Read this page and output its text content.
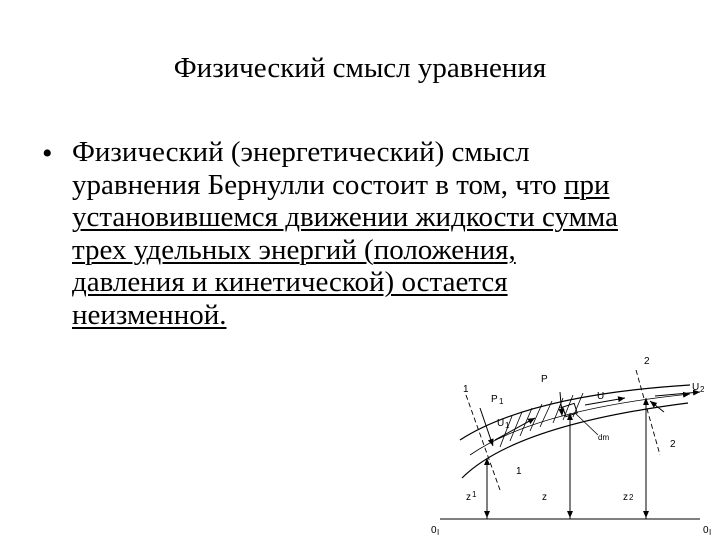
Физический смысл уравнения
• Физический (энергетический) смысл
уравнения Бернулли состоит в том, что при
установившемся движении жидкости сумма
трех удельных энергий (положения,
давления и кинетической) остается
неизменной.
1
1
2
2
P
P 1	U
U 1
U 2
A
dm
z 1	z	z 2
0 I	0 I
